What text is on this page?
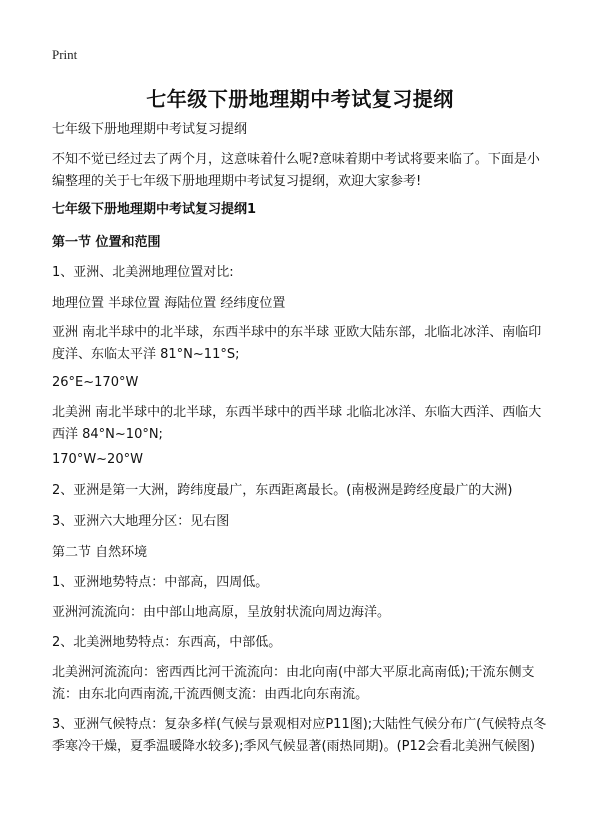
Print
七年级下册地理期中考试复习提纲

七年级下册地理期中考试复习提纲

不知不觉已经过去了两个月，这意味着什么呢?意味着期中考试将要来临了。下面是小编整理的关于七年级下册地理期中考试复习提纲，欢迎大家参考!

七年级下册地理期中考试复习提纲1

第一节 位置和范围

1、亚洲、北美洲地理位置对比:

地理位置 半球位置 海陆位置 经纬度位置

亚洲 南北半球中的北半球，东西半球中的东半球 亚欧大陆东部，北临北冰洋、南临印度洋、东临太平洋 81°N~11°S;

26°E~170°W

北美洲 南北半球中的北半球，东西半球中的西半球 北临北冰洋、东临大西洋、西临大西洋 84°N~10°N;

170°W~20°W

2、亚洲是第一大洲，跨纬度最广，东西距离最长。(南极洲是跨经度最广的大洲)

3、亚洲六大地理分区：见右图

第二节 自然环境

1、亚洲地势特点：中部高，四周低。

亚洲河流流向：由中部山地高原，呈放射状流向周边海洋。

2、北美洲地势特点：东西高，中部低。

北美洲河流流向：密西西比河干流流向：由北向南(中部大平原北高南低);干流东侧支流：由东北向西南流,干流西侧支流：由西北向东南流。

3、亚洲气候特点：复杂多样(气候与景观相对应P11图);大陆性气候分布广(气候特点冬季寒冷干燥，夏季温暖降水较多);季风气候显著(雨热同期)。(P12会看北美洲气候图)
